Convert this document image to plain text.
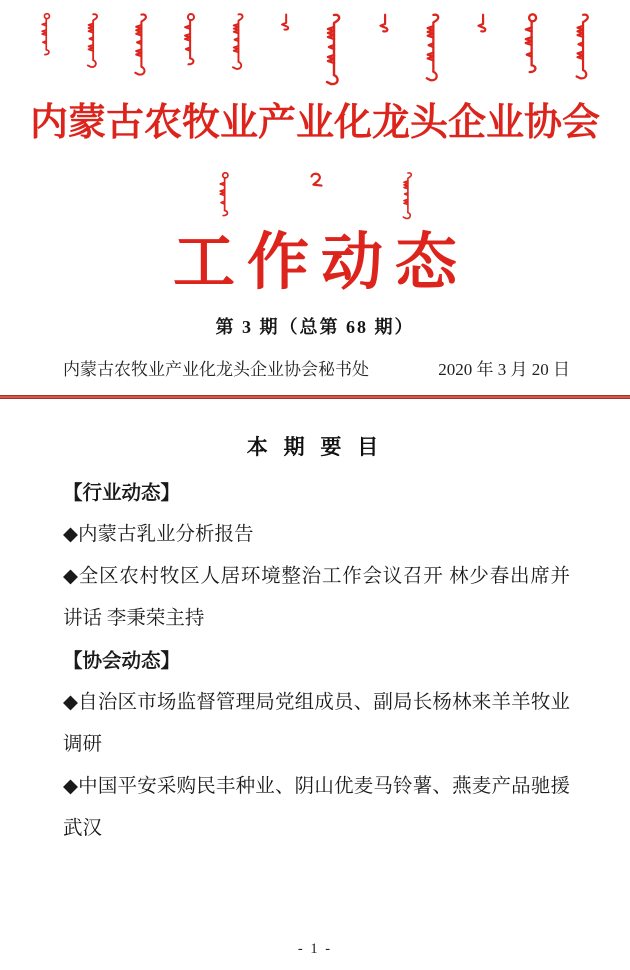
内蒙古农牧业产业化龙头企业协会
工作动态
第 3 期（总第 68 期）
内蒙古农牧业产业化龙头企业协会秘书处	2020 年 3 月 20 日
本 期 要 目
【行业动态】
◆内蒙古乳业分析报告
◆全区农村牧区人居环境整治工作会议召开 林少春出席并讲话 李秉荣主持
【协会动态】
◆自治区市场监督管理局党组成员、副局长杨林来羊羊牧业调研
◆中国平安采购民丰种业、阴山优麦马铃薯、燕麦产品驰援武汉
- 1 -
